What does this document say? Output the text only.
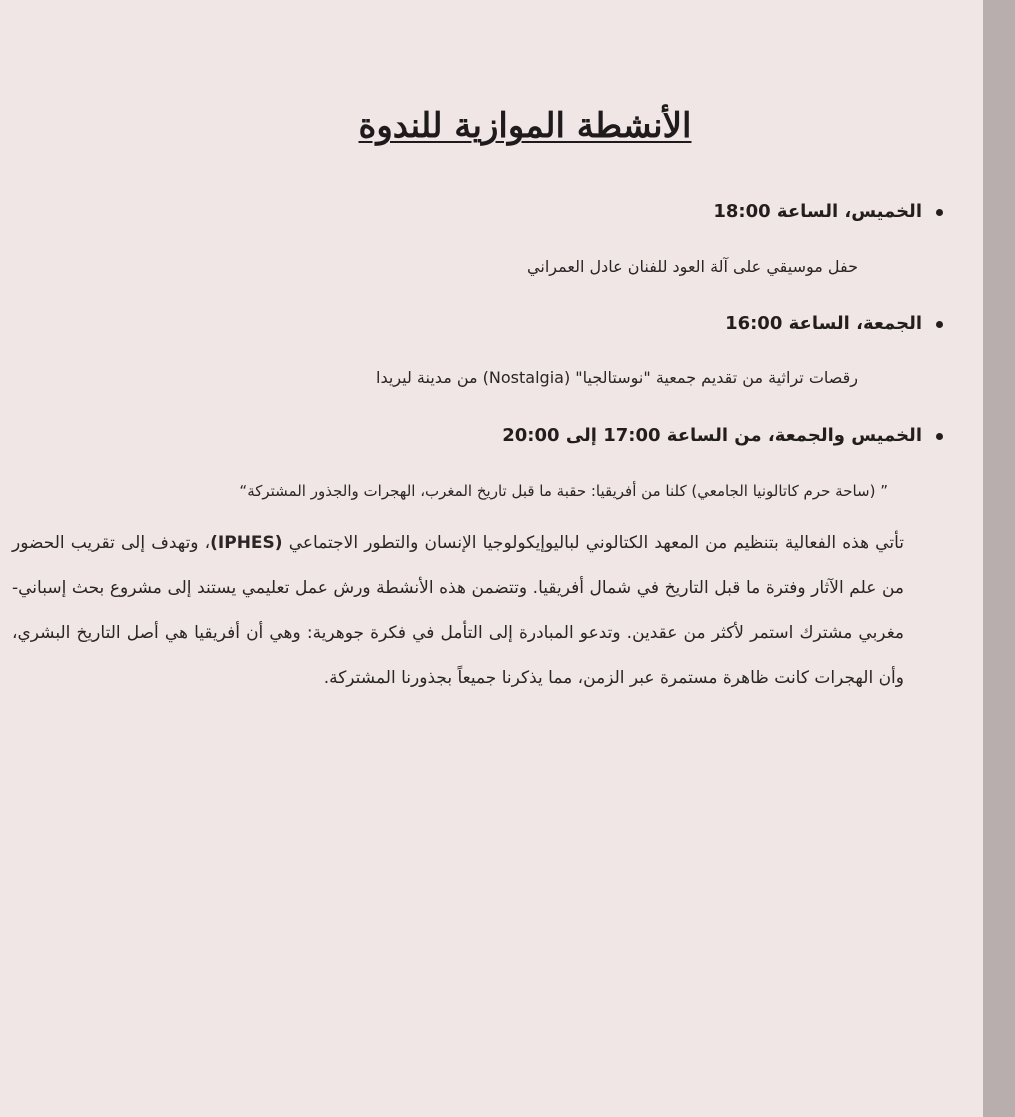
الأنشطة الموازية للندوة
الخميس، الساعة 18:00
حفل موسيقي على آلة العود للفنان عادل العمراني
الجمعة، الساعة 16:00
رقصات تراثية من تقديم جمعية "نوستالجيا" (Nostalgia) من مدينة ليريدا
الخميس والجمعة، من الساعة 17:00 إلى 20:00
” (ساحة حرم كاتالونيا الجامعي) كلنا من أفريقيا: حقبة ما قبل تاريخ المغرب، الهجرات والجذور المشتركة“

تأتي هذه الفعالية بتنظيم من المعهد الكتالوني لباليوإيكولوجيا الإنسان والتطور الاجتماعي (IPHES)، وتهدف إلى تقريب الحضور من علم الآثار وفترة ما قبل التاريخ في شمال أفريقيا. وتتضمن هذه الأنشطة ورش عمل تعليمي يستند إلى مشروع بحث إسباني-مغربي مشترك استمر لأكثر من عقدين. وتدعو المبادرة إلى التأمل في فكرة جوهرية: وهي أن أفريقيا هي أصل التاريخ البشري، وأن الهجرات كانت ظاهرة مستمرة عبر الزمن، مما يذكرنا جميعاً بجذورنا المشتركة.
